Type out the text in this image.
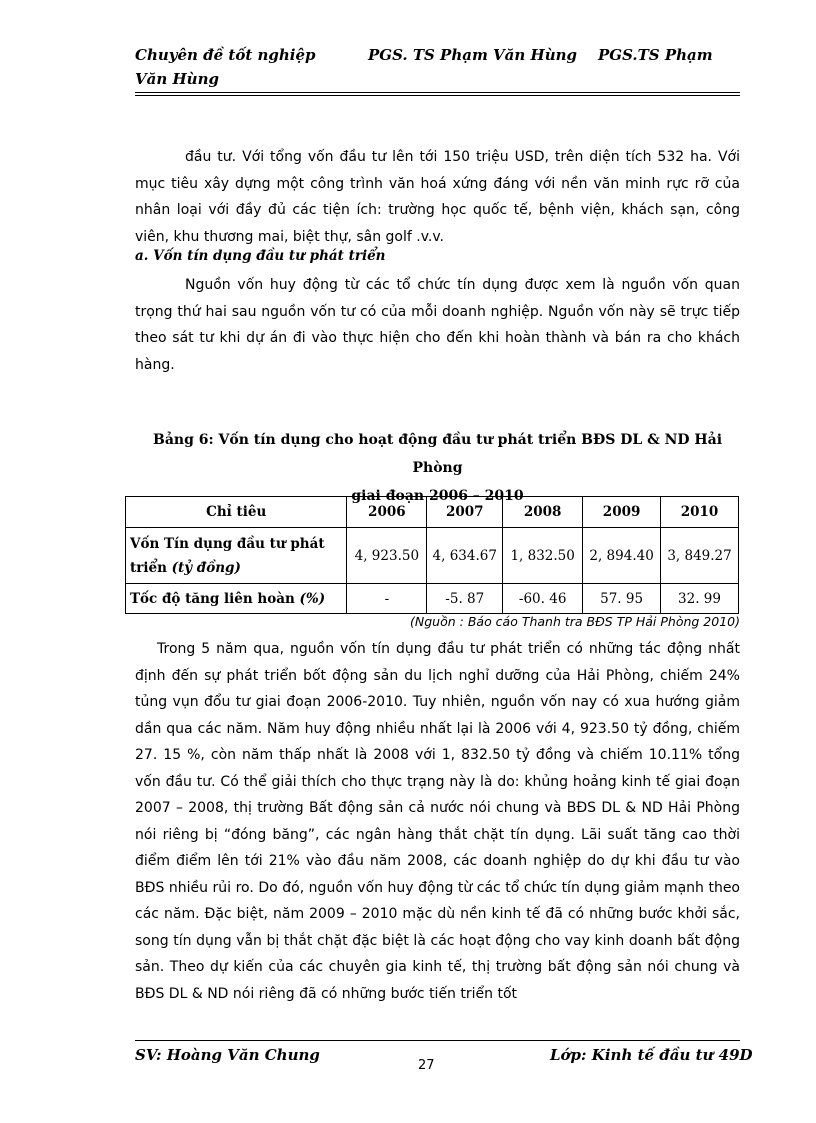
Chuyên đề tốt nghiệp	PGS. TS Phạm Văn Hùng PGS.TS Phạm
Văn Hùng

đầu tư. Với tổng vốn đầu tư lên tới 150 triệu USD, trên diện tích 532 ha. Với mục tiêu xây dựng một công trình văn hoá xứng đáng với nền văn minh rực rỡ của nhân loại với đầy đủ các tiện ích: trường học quốc tế, bệnh viện, khách sạn, công viên, khu thương mai, biệt thự, sân golf .v.v.

a. Vốn tín dụng đầu tư phát triển

Nguồn vốn huy động từ các tổ chức tín dụng được xem là nguồn vốn quan trọng thứ hai sau nguồn vốn tư có của mỗi doanh nghiệp. Nguồn vốn này sẽ trực tiếp theo sát tư khi dự án đi vào thực hiện cho đến khi hoàn thành và bán ra cho khách hàng.

Bảng 6: Vốn tín dụng cho hoạt động đầu tư phát triển BĐS DL & ND Hải Phòng
giai đoạn 2006 – 2010
Chỉ tiêu	2006	2007	2008	2009	2010
Vốn Tín dụng đầu tư phát triển (tỷ đồng)	4, 923.50	4, 634.67	1, 832.50	2, 894.40	3, 849.27
Tốc độ tăng liên hoàn (%)	-	-5. 87	-60. 46	57. 95	32. 99
(Nguồn : Báo cáo Thanh tra BĐS TP Hải Phòng 2010)

Trong 5 năm qua, nguồn vốn tín dụng đầu tư phát triển có những tác động nhất định đến sự phát triển bốt động sản du lịch nghỉ dưỡng của Hải Phòng, chiếm 24% tủng vụn đổu tư giai đoạn 2006-2010. Tuy nhiên, nguồn vốn nay có xua hướng giảm dần qua các năm. Năm huy động nhiều nhất lại là 2006 với 4, 923.50 tỷ đồng, chiếm 27. 15 %, còn năm thấp nhất là 2008 với 1, 832.50 tỷ đồng và chiếm 10.11% tổng vốn đầu tư. Có thể giải thích cho thực trạng này là do: khủng hoảng kinh tế giai đoạn 2007 – 2008, thị trường Bất động sản cả nước nói chung và BĐS DL & ND Hải Phòng nói riêng bị “đóng băng”, các ngân hàng thắt chặt tín dụng. Lãi suất tăng cao thời điểm điểm lên tới 21% vào đầu năm 2008, các doanh nghiệp do dự khi đầu tư vào BĐS nhiều rủi ro. Do đó, nguồn vốn huy động từ các tổ chức tín dụng giảm mạnh theo các năm. Đặc biệt, năm 2009 – 2010 mặc dù nền kinh tế đã có những bước khởi sắc, song tín dụng vẫn bị thắt chặt đặc biệt là các hoạt động cho vay kinh doanh bất động sản. Theo dự kiến của các chuyên gia kinh tế, thị trường bất động sản nói chung và BĐS DL & ND nói riêng đã có những bước tiến triển tốt

SV: Hoàng Văn Chung	Lớp: Kinh tế đầu tư 49D
27
